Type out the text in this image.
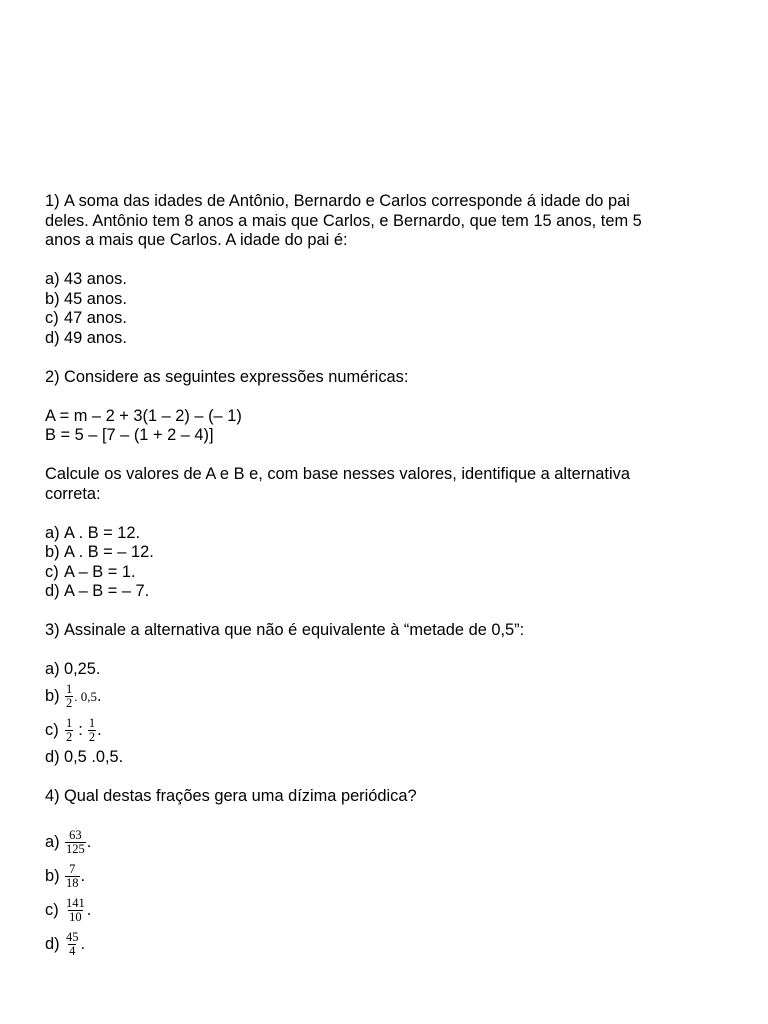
1) A soma das idades de Antônio, Bernardo e Carlos corresponde á idade do pai

deles. Antônio tem 8 anos a mais que Carlos, e Bernardo, que tem 15 anos, tem 5

anos a mais que Carlos. A idade do pai é:

a) 43 anos.
b) 45 anos.
c) 47 anos.
d) 49 anos.
2) Considere as seguintes expressões numéricas:

A = m – 2 + 3(1 – 2) – (– 1)

B = 5 – [7 – (1 + 2 – 4)]

Calcule os valores de A e B e, com base nesses valores, identifique a alternativa

correta:

a) A . B = 12.
b) A . B = – 12.
c) A – B = 1.
d) A – B = – 7.
3) Assinale a alternativa que não é equivalente à “metade de 0,5”:
a) 0,25.
$b) \frac{1}{2}$ . 0,5 .
$c) \frac{1}{2}$ : $\frac{1}{2}$ .
d) 0,5 .0,5.
4) Qual destas frações gera uma dízima periódica?
$a) \frac{63}{125}$ .
$b) \frac{7}{18}$ .
$c) \frac{141}{10}$ .
$d) \frac{45}{4}$ .
